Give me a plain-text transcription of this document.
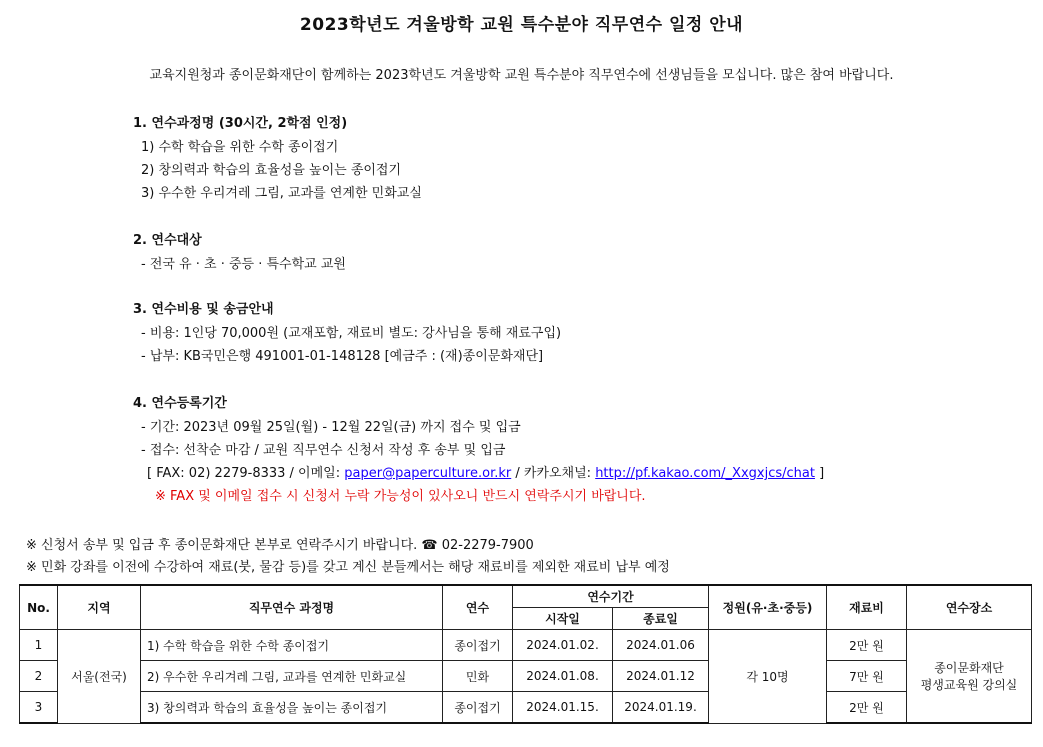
2023학년도 겨울방학 교원 특수분야 직무연수 일정 안내
교육지원청과 종이문화재단이 함께하는 2023학년도 겨울방학 교원 특수분야 직무연수에 선생님들을 모십니다. 많은 참여 바랍니다.
1. 연수과정명 (30시간, 2학점 인정)
1) 수학 학습을 위한 수학 종이접기
2) 창의력과 학습의 효율성을 높이는 종이접기
3) 우수한 우리겨레 그림, 교과를 연계한 민화교실
2. 연수대상
- 전국 유 · 초 · 중등 · 특수학교 교원
3. 연수비용 및 송금안내
- 비용: 1인당 70,000원 (교재포함, 재료비 별도: 강사님을 통해 재료구입)
- 납부: KB국민은행 491001-01-148128 [예금주 : (재)종이문화재단]
4. 연수등록기간
- 기간: 2023년 09월 25일(월) - 12월 22일(금) 까지 접수 및 입금
- 접수: 선착순 마감 / 교원 직무연수 신청서 작성 후 송부 및 입금
[ FAX: 02) 2279-8333 / 이메일: paper@paperculture.or.kr / 카카오채널: http://pf.kakao.com/_Xxgxjcs/chat ]
※ FAX 및 이메일 접수 시 신청서 누락 가능성이 있사오니 반드시 연락주시기 바랍니다.
※ 신청서 송부 및 입금 후 종이문화재단 본부로 연락주시기 바랍니다. ☎ 02-2279-7900
※ 민화 강좌를 이전에 수강하여 재료(붓, 물감 등)를 갖고 계신 분들께서는 해당 재료비를 제외한 재료비 납부 예정
No.	지역	직무연수 과정명	연수	연수기간		정원(유·초·중등)	재료비	연수장소
				시작일	종료일			
1	서울(전국)	1) 수학 학습을 위한 수학 종이접기	종이접기	2024.01.02.	2024.01.06	각 10명	2만 원	종이문화재단
평생교육원 강의실

2		2) 우수한 우리겨레 그림, 교과를 연계한 민화교실	민화	2024.01.08.	2024.01.12		7만 원	
3		3) 창의력과 학습의 효율성을 높이는 종이접기	종이접기	2024.01.15.	2024.01.19.		2만 원	
